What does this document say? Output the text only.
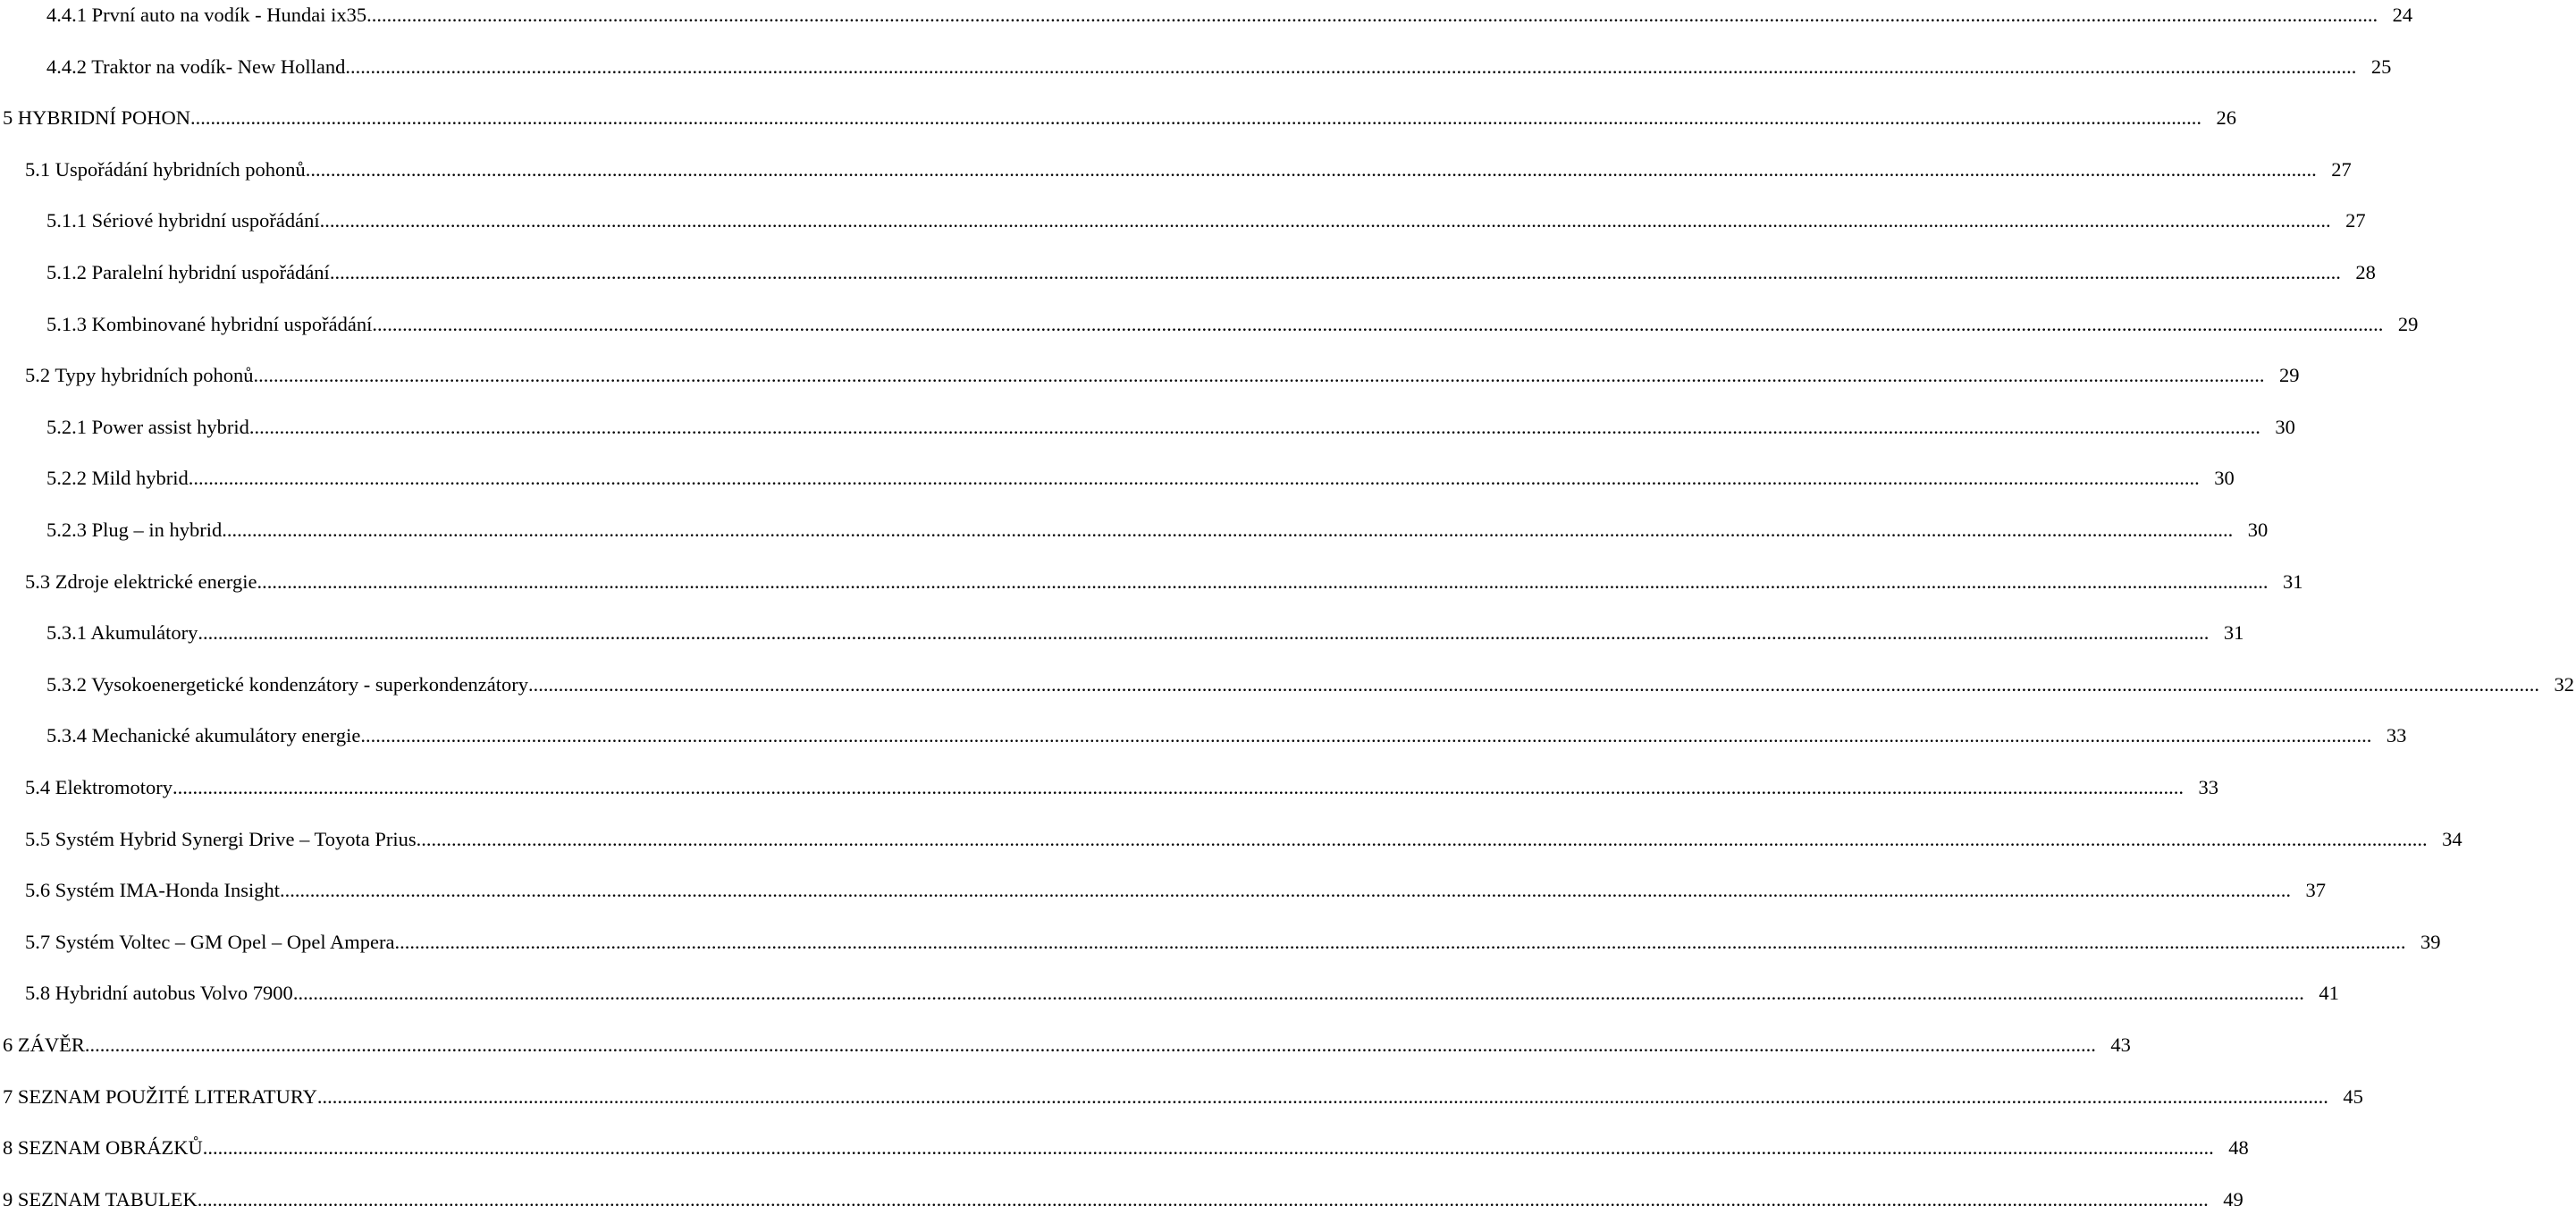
4.4.1 První auto na vodík - Hundai ix35 ................................................................................................................................................................................................................................................................................................................................................................................................................ 24
4.4.2 Traktor na vodík- New Holland ................................................................................................................................................................................................................................................................................................................................................................................................................ 25
5 HYBRIDNÍ POHON ................................................................................................................................................................................................................................................................................................................................................................................................................ 26
5.1 Uspořádání hybridních pohonů ................................................................................................................................................................................................................................................................................................................................................................................................................ 27
5.1.1 Sériové hybridní uspořádání ................................................................................................................................................................................................................................................................................................................................................................................................................ 27
5.1.2 Paralelní hybridní uspořádání ................................................................................................................................................................................................................................................................................................................................................................................................................ 28
5.1.3 Kombinované hybridní uspořádání ................................................................................................................................................................................................................................................................................................................................................................................................................ 29
5.2 Typy hybridních pohonů ................................................................................................................................................................................................................................................................................................................................................................................................................ 29
5.2.1 Power assist hybrid ................................................................................................................................................................................................................................................................................................................................................................................................................ 30
5.2.2 Mild hybrid ................................................................................................................................................................................................................................................................................................................................................................................................................ 30
5.2.3 Plug – in hybrid ................................................................................................................................................................................................................................................................................................................................................................................................................ 30
5.3 Zdroje elektrické energie ................................................................................................................................................................................................................................................................................................................................................................................................................ 31
5.3.1 Akumulátory ................................................................................................................................................................................................................................................................................................................................................................................................................ 31
5.3.2 Vysokoenergetické kondenzátory - superkondenzátory ................................................................................................................................................................................................................................................................................................................................................................................................................ 32
5.3.4 Mechanické akumulátory energie ................................................................................................................................................................................................................................................................................................................................................................................................................ 33
5.4 Elektromotory ................................................................................................................................................................................................................................................................................................................................................................................................................ 33
5.5 Systém Hybrid Synergi Drive – Toyota Prius ................................................................................................................................................................................................................................................................................................................................................................................................................ 34
5.6 Systém IMA-Honda Insight ................................................................................................................................................................................................................................................................................................................................................................................................................ 37
5.7 Systém Voltec – GM Opel – Opel Ampera ................................................................................................................................................................................................................................................................................................................................................................................................................ 39
5.8 Hybridní autobus Volvo 7900 ................................................................................................................................................................................................................................................................................................................................................................................................................ 41
6 ZÁVĚR ................................................................................................................................................................................................................................................................................................................................................................................................................ 43
7 SEZNAM POUŽITÉ LITERATURY ................................................................................................................................................................................................................................................................................................................................................................................................................ 45
8 SEZNAM OBRÁZKŮ ................................................................................................................................................................................................................................................................................................................................................................................................................ 48
9 SEZNAM TABULEK ................................................................................................................................................................................................................................................................................................................................................................................................................ 49
